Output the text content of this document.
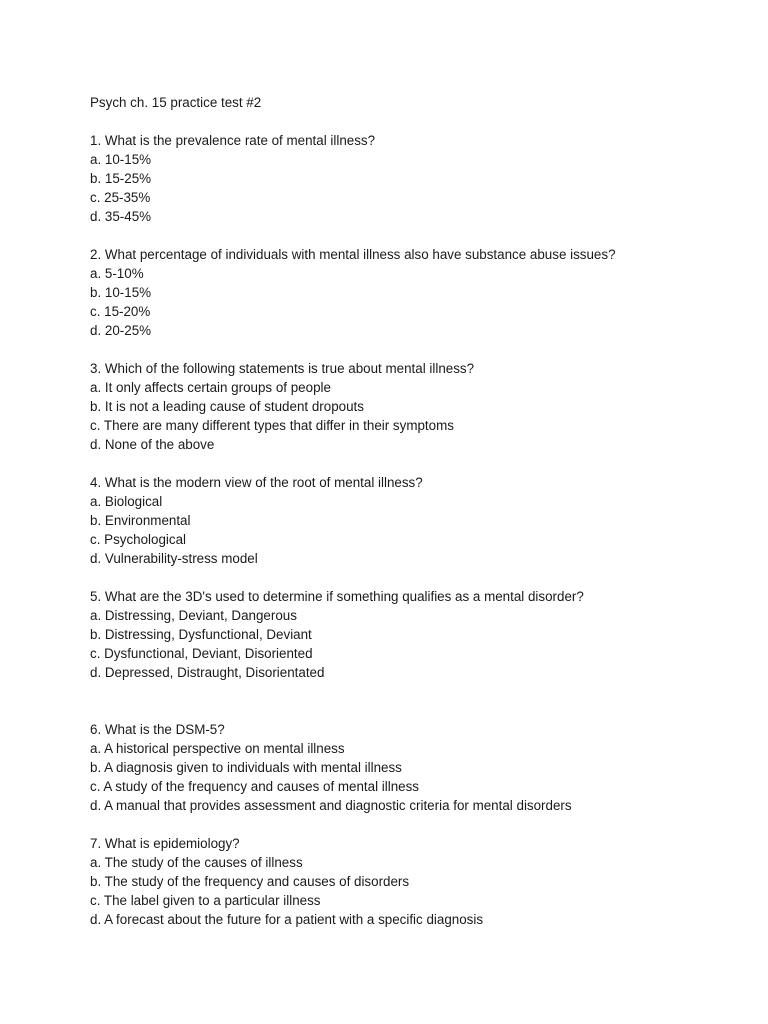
Psych ch. 15 practice test #2
1. What is the prevalence rate of mental illness?
a. 10-15%
b. 15-25%
c. 25-35%
d. 35-45%
2. What percentage of individuals with mental illness also have substance abuse issues?
a. 5-10%
b. 10-15%
c. 15-20%
d. 20-25%
3. Which of the following statements is true about mental illness?
a. It only affects certain groups of people
b. It is not a leading cause of student dropouts
c. There are many different types that differ in their symptoms
d. None of the above
4. What is the modern view of the root of mental illness?
a. Biological
b. Environmental
c. Psychological
d. Vulnerability-stress model
5. What are the 3D's used to determine if something qualifies as a mental disorder?
a. Distressing, Deviant, Dangerous
b. Distressing, Dysfunctional, Deviant
c. Dysfunctional, Deviant, Disoriented
d. Depressed, Distraught, Disorientated
6. What is the DSM-5?
a. A historical perspective on mental illness
b. A diagnosis given to individuals with mental illness
c. A study of the frequency and causes of mental illness
d. A manual that provides assessment and diagnostic criteria for mental disorders
7. What is epidemiology?
a. The study of the causes of illness
b. The study of the frequency and causes of disorders
c. The label given to a particular illness
d. A forecast about the future for a patient with a specific diagnosis
